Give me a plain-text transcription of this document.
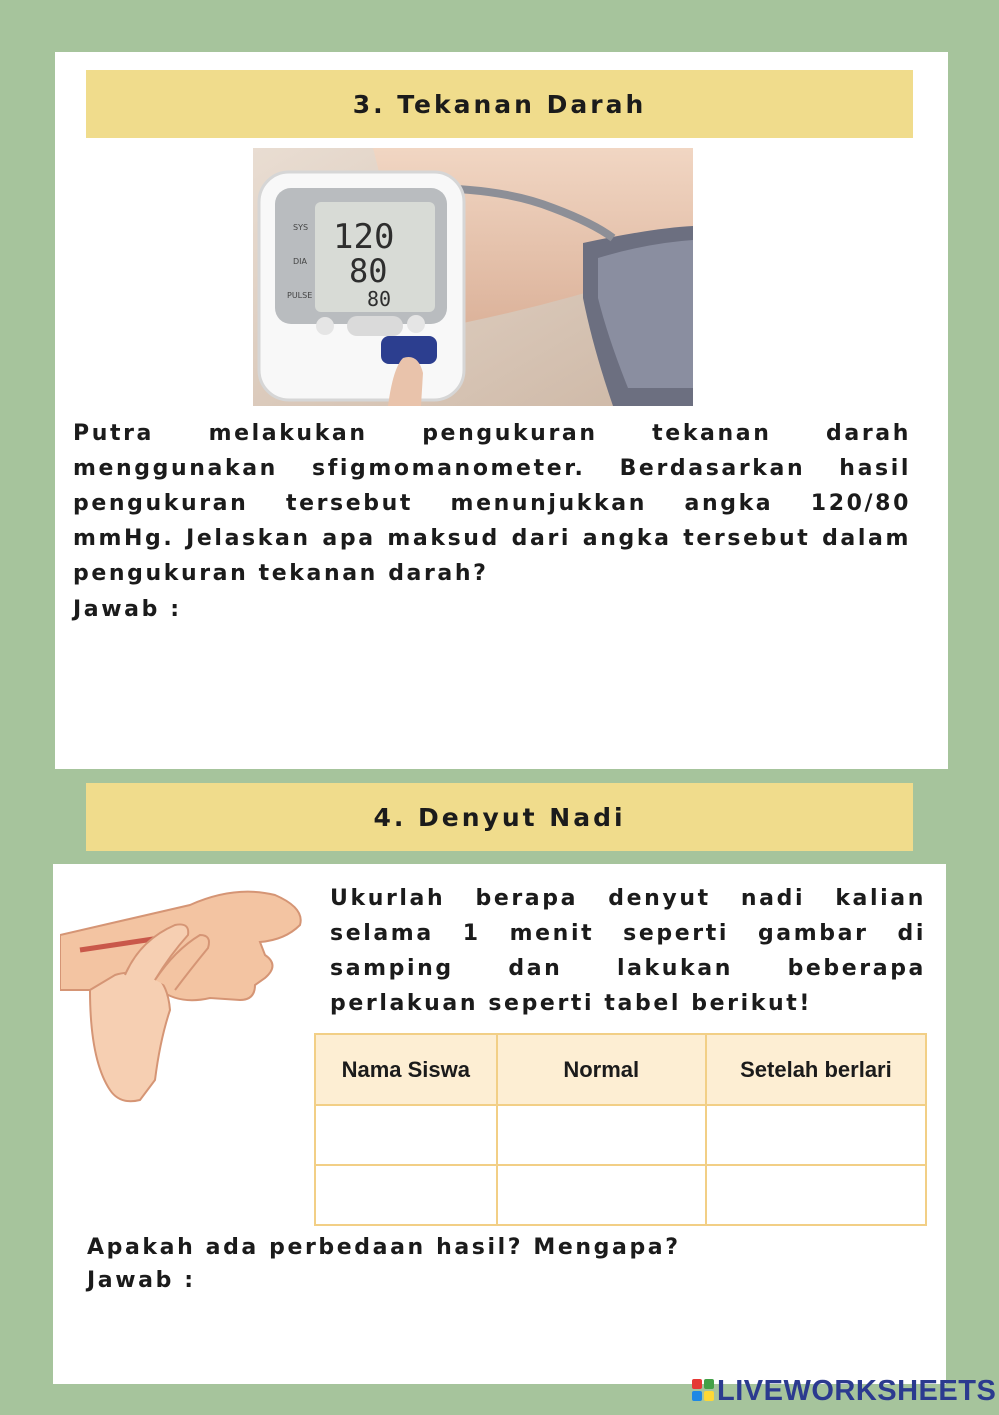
3. Tekanan Darah
SYS
DIA
PULSE
120
80
80
Putra melakukan pengukuran tekanan darah menggunakan sfigmomanometer. Berdasarkan hasil pengukuran tersebut menunjukkan angka 120/80 mmHg. Jelaskan apa maksud dari angka tersebut dalam pengukuran tekanan darah?
Jawab :
4. Denyut Nadi
Ukurlah berapa denyut nadi kalian selama 1 menit seperti gambar di samping dan lakukan beberapa perlakuan seperti tabel berikut!
Nama Siswa	Normal	Setelah berlari

Apakah ada perbedaan hasil? Mengapa?
Jawab :
LIVEWORKSHEETS
